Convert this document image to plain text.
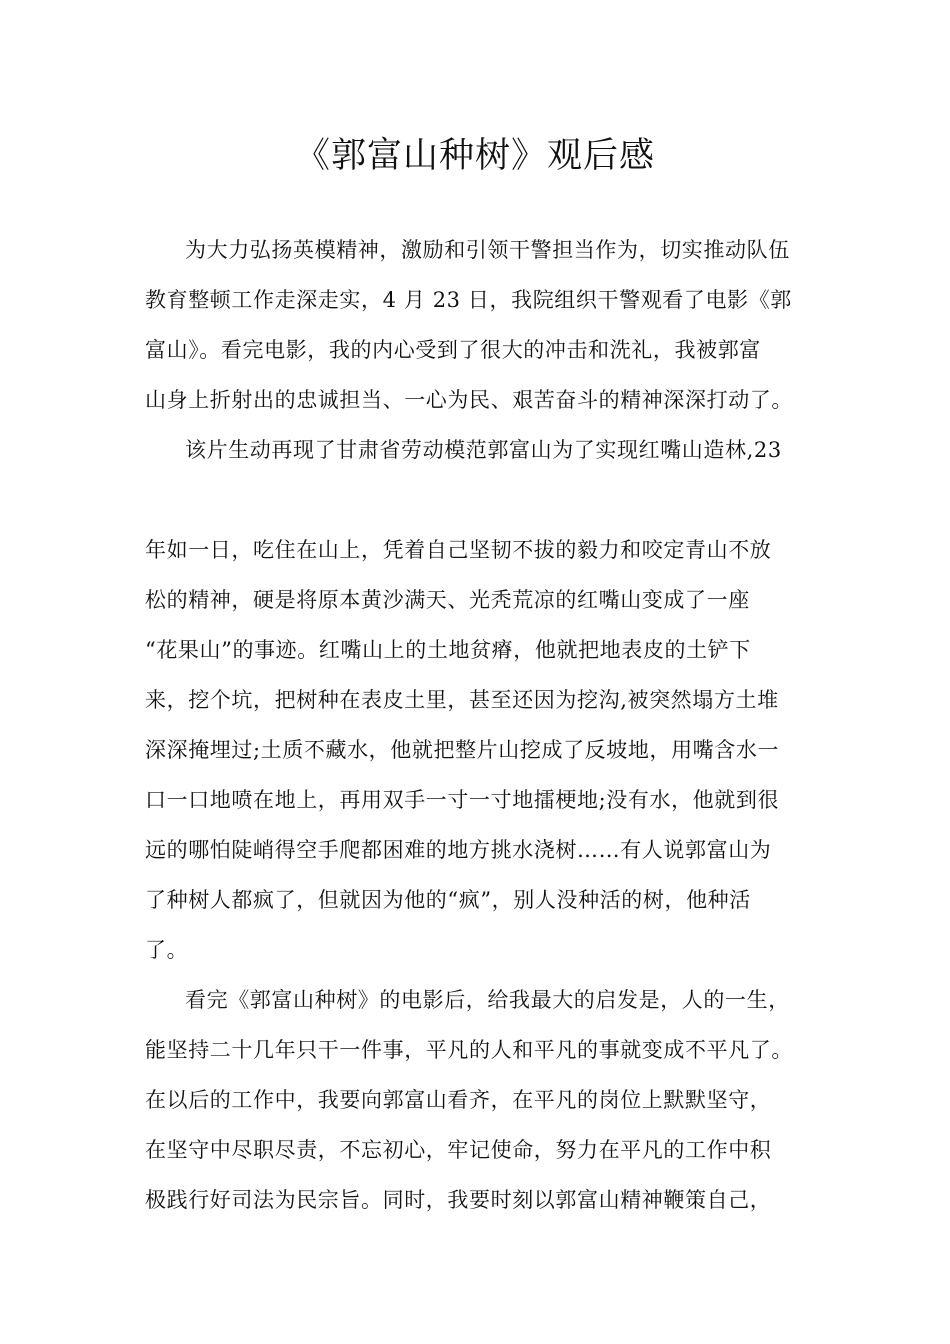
《郭富山种树》观后感
为大力弘扬英模精神，激励和引领干警担当作为，切实推动队伍
教育整顿工作走深走实，4 月 23 日，我院组织干警观看了电影《郭
富山》。看完电影，我的内心受到了很大的冲击和洗礼，我被郭富
山身上折射出的忠诚担当、一心为民、艰苦奋斗的精神深深打动了。
该片生动再现了甘肃省劳动模范郭富山为了实现红嘴山造林,23
年如一日，吃住在山上，凭着自己坚韧不拔的毅力和咬定青山不放
松的精神，硬是将原本黄沙满天、光秃荒凉的红嘴山变成了一座
“花果山”的事迹。红嘴山上的土地贫瘠，他就把地表皮的土铲下
来，挖个坑，把树种在表皮土里，甚至还因为挖沟,被突然塌方土堆
深深掩埋过;土质不藏水，他就把整片山挖成了反坡地，用嘴含水一
口一口地喷在地上，再用双手一寸一寸地擂梗地;没有水，他就到很
远的哪怕陡峭得空手爬都困难的地方挑水浇树……有人说郭富山为
了种树人都疯了，但就因为他的“疯”，别人没种活的树，他种活
了。
看完《郭富山种树》的电影后，给我最大的启发是，人的一生，
能坚持二十几年只干一件事，平凡的人和平凡的事就变成不平凡了。
在以后的工作中，我要向郭富山看齐，在平凡的岗位上默默坚守，
在坚守中尽职尽责，不忘初心，牢记使命，努力在平凡的工作中积
极践行好司法为民宗旨。同时，我要时刻以郭富山精神鞭策自己，
